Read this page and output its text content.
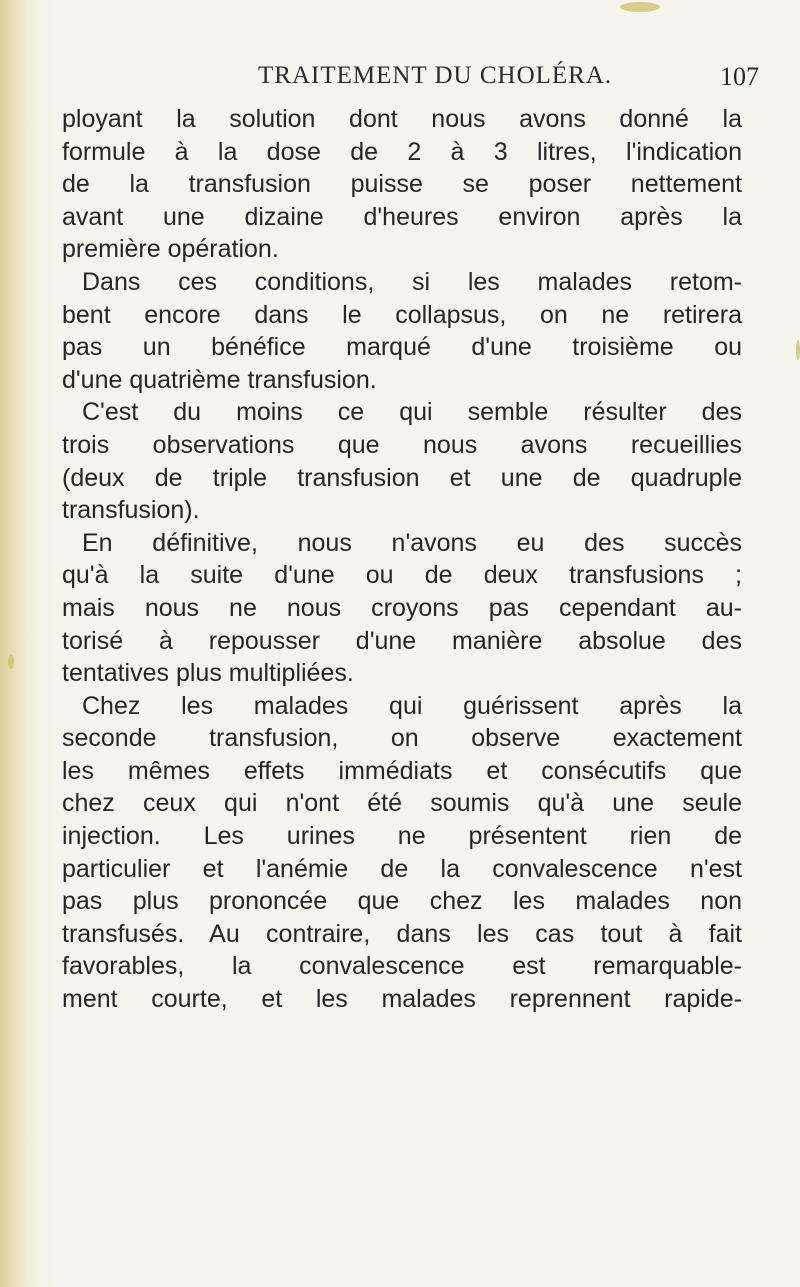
TRAITEMENT DU CHOLÉRA.	107
ployant la solution dont nous avons donné la
formule à la dose de 2 à 3 litres, l'indication
de la transfusion puisse se poser nettement
avant une dizaine d'heures environ après la
première opération.
Dans ces conditions, si les malades retom-
bent encore dans le collapsus, on ne retirera
pas un bénéfice marqué d'une troisième ou
d'une quatrième transfusion.
C'est du moins ce qui semble résulter des
trois observations que nous avons recueillies
(deux de triple transfusion et une de quadruple
transfusion).
En définitive, nous n'avons eu des succès
qu'à la suite d'une ou de deux transfusions ;
mais nous ne nous croyons pas cependant au-
torisé à repousser d'une manière absolue des
tentatives plus multipliées.
Chez les malades qui guérissent après la
seconde transfusion, on observe exactement
les mêmes effets immédiats et consécutifs que
chez ceux qui n'ont été soumis qu'à une seule
injection. Les urines ne présentent rien de
particulier et l'anémie de la convalescence n'est
pas plus prononcée que chez les malades non
transfusés. Au contraire, dans les cas tout à fait
favorables, la convalescence est remarquable-
ment courte, et les malades reprennent rapide-
